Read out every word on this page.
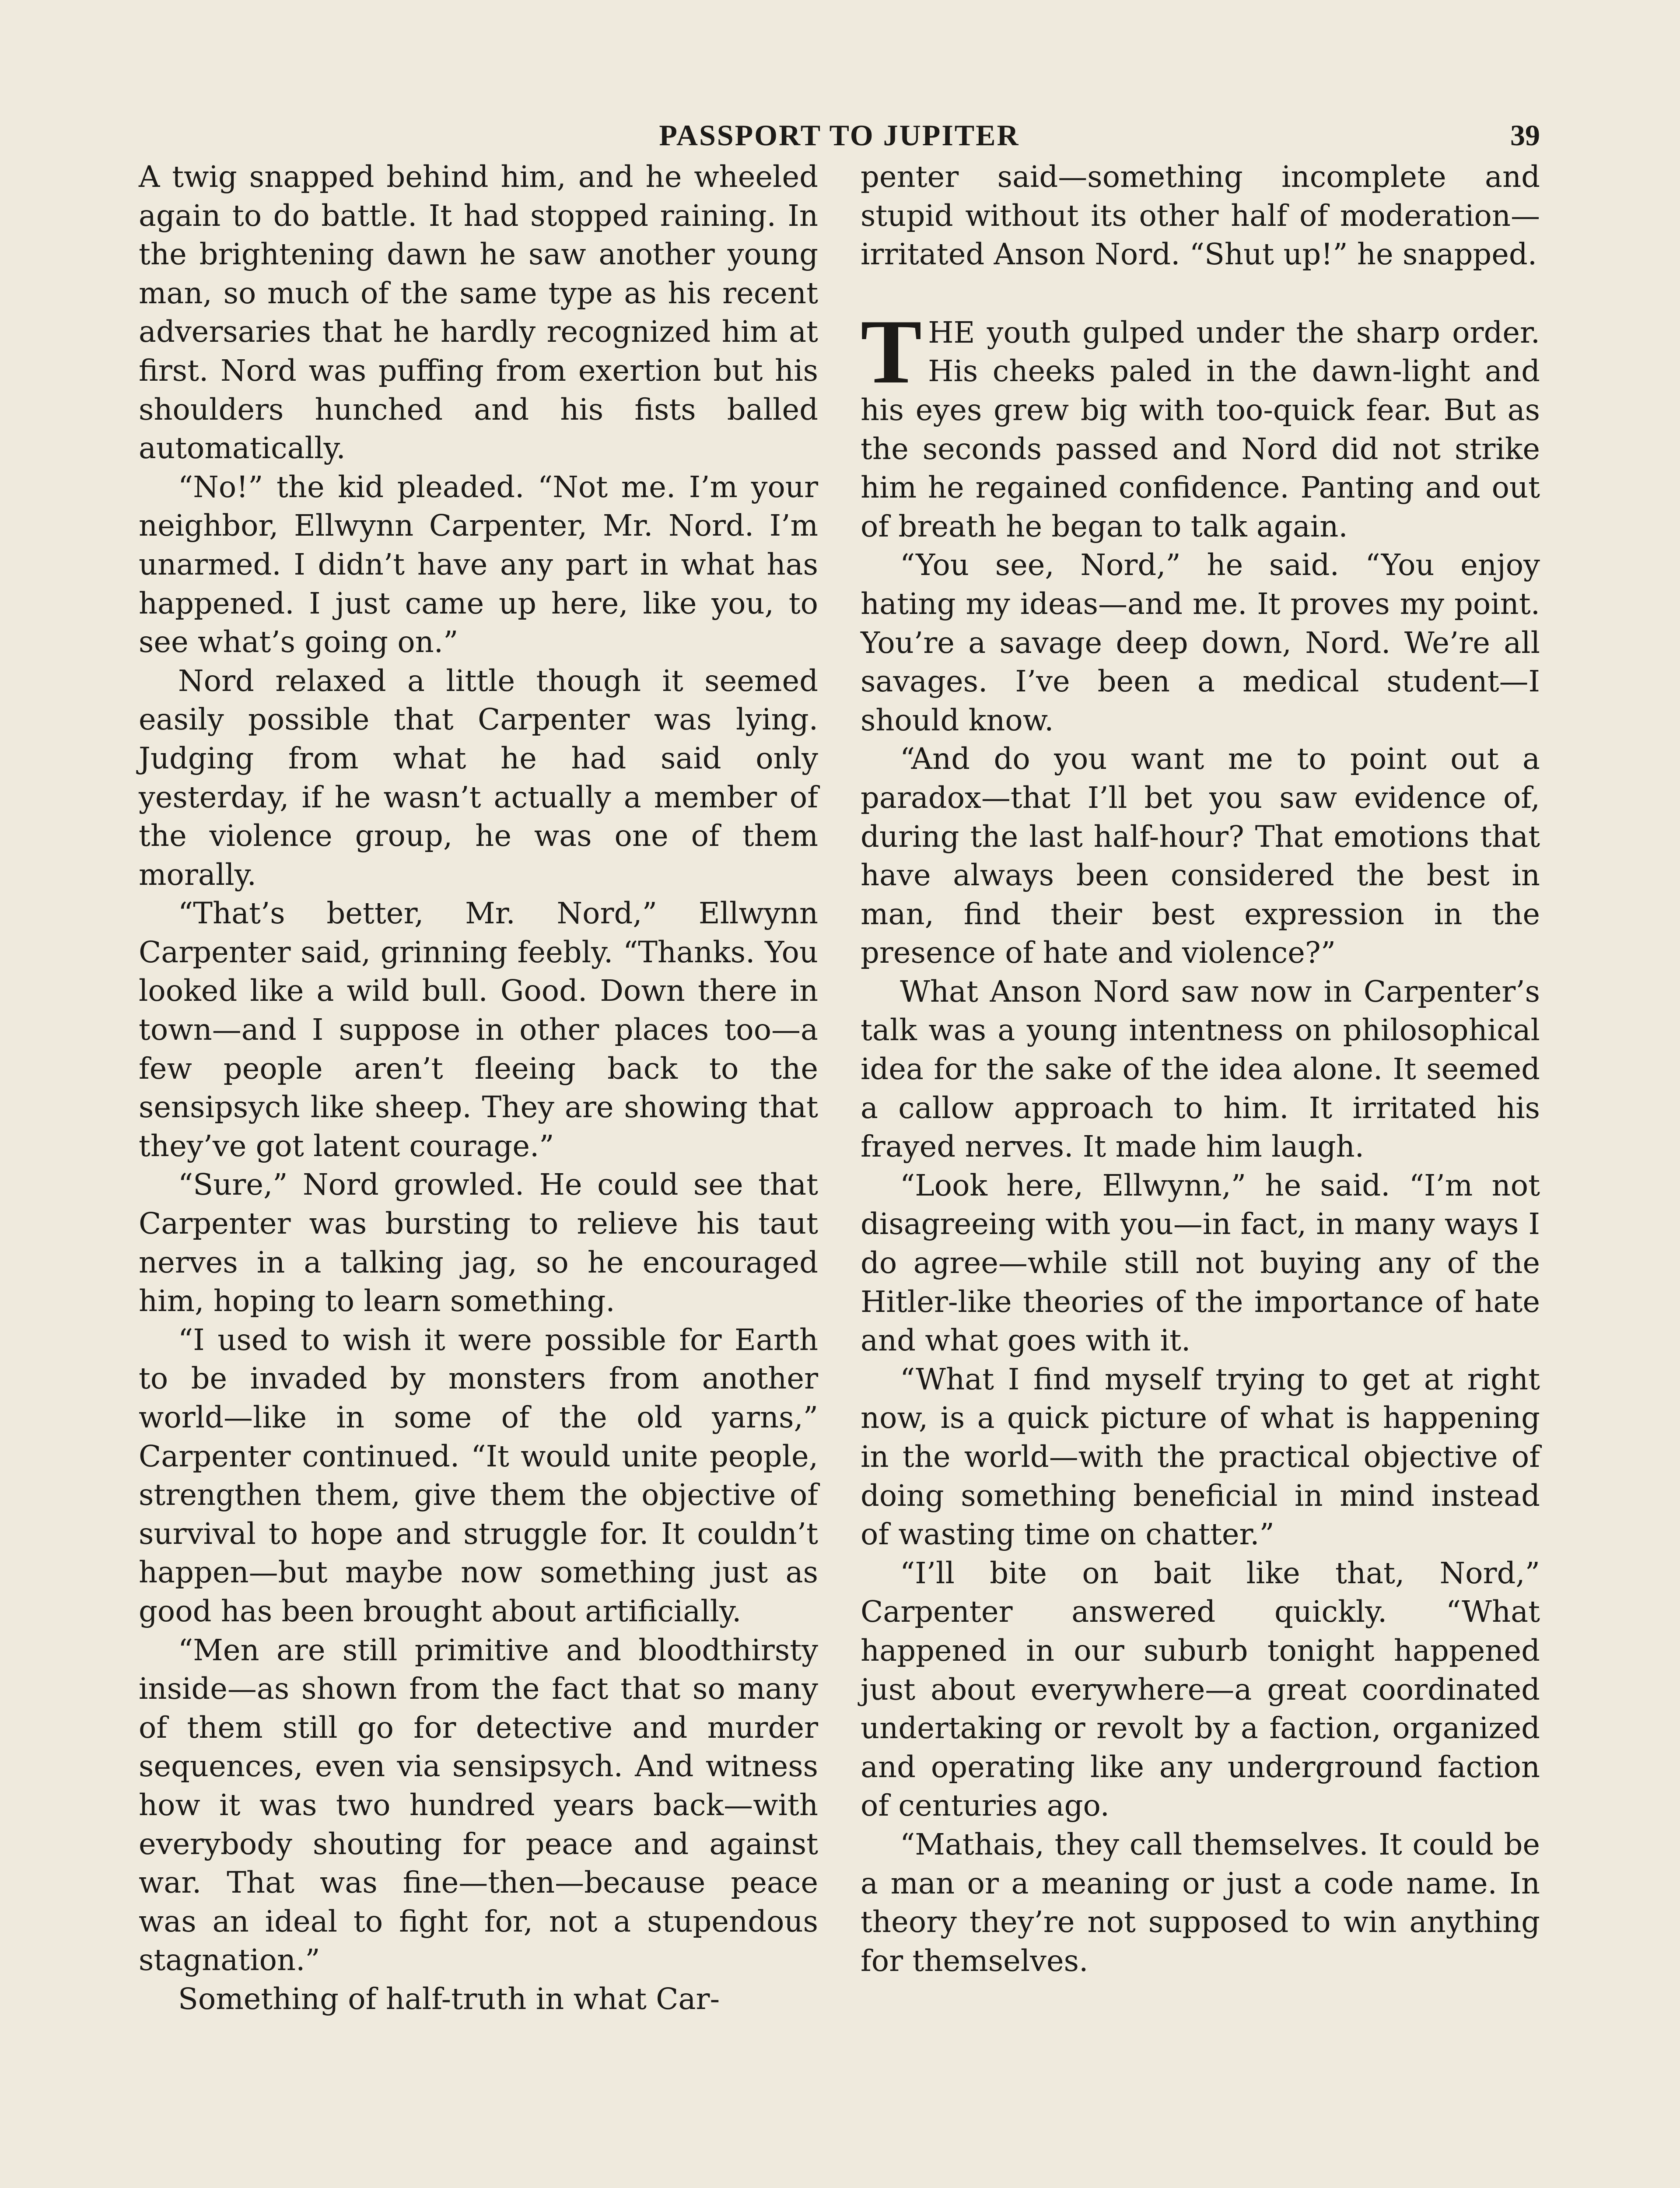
PASSPORT TO JUPITER	39

A twig snapped behind him, and he wheeled again to do battle. It had stopped raining. In the brightening dawn he saw another young man, so much of the same type as his recent adversaries that he hardly recognized him at first. Nord was puffing from exertion but his shoulders hunched and his fists balled automatically.

“No!” the kid pleaded. “Not me. I’m your neighbor, Ellwynn Carpenter, Mr. Nord. I’m unarmed. I didn’t have any part in what has happened. I just came up here, like you, to see what’s going on.”

Nord relaxed a little though it seemed easily possible that Carpenter was lying. Judging from what he had said only yesterday, if he wasn’t actually a member of the violence group, he was one of them morally.

“That’s better, Mr. Nord,” Ellwynn Carpenter said, grinning feebly. “Thanks. You looked like a wild bull. Good. Down there in town—and I suppose in other places too—a few people aren’t fleeing back to the sensipsych like sheep. They are showing that they’ve got latent courage.”

“Sure,” Nord growled. He could see that Carpenter was bursting to relieve his taut nerves in a talking jag, so he encouraged him, hoping to learn something.

“I used to wish it were possible for Earth to be invaded by monsters from another world—like in some of the old yarns,” Carpenter continued. “It would unite people, strengthen them, give them the objective of survival to hope and struggle for. It couldn’t happen—but maybe now something just as good has been brought about artificially.

“Men are still primitive and bloodthirsty inside—as shown from the fact that so many of them still go for detective and murder sequences, even via sensipsych. And witness how it was two hundred years back—with everybody shouting for peace and against war. That was fine—then—because peace was an ideal to fight for, not a stupendous stagnation.”

Something of half-truth in what Car-

penter said—something incomplete and stupid without its other half of moderation—irritated Anson Nord. “Shut up!” he snapped.

THE youth gulped under the sharp order. His cheeks paled in the dawn-light and his eyes grew big with too-quick fear. But as the seconds passed and Nord did not strike him he regained confidence. Panting and out of breath he began to talk again.

“You see, Nord,” he said. “You enjoy hating my ideas—and me. It proves my point. You’re a savage deep down, Nord. We’re all savages. I’ve been a medical student—I should know.

“And do you want me to point out a paradox—that I’ll bet you saw evidence of, during the last half-hour? That emotions that have always been considered the best in man, find their best expression in the presence of hate and violence?”

What Anson Nord saw now in Carpenter’s talk was a young intentness on philosophical idea for the sake of the idea alone. It seemed a callow approach to him. It irritated his frayed nerves. It made him laugh.

“Look here, Ellwynn,” he said. “I’m not disagreeing with you—in fact, in many ways I do agree—while still not buying any of the Hitler-like theories of the importance of hate and what goes with it.

“What I find myself trying to get at right now, is a quick picture of what is happening in the world—with the practical objective of doing something beneficial in mind instead of wasting time on chatter.”

“I’ll bite on bait like that, Nord,” Carpenter answered quickly. “What happened in our suburb tonight happened just about everywhere—a great coordinated undertaking or revolt by a faction, organized and operating like any underground faction of centuries ago.

“Mathais, they call themselves. It could be a man or a meaning or just a code name. In theory they’re not supposed to win anything for themselves.
